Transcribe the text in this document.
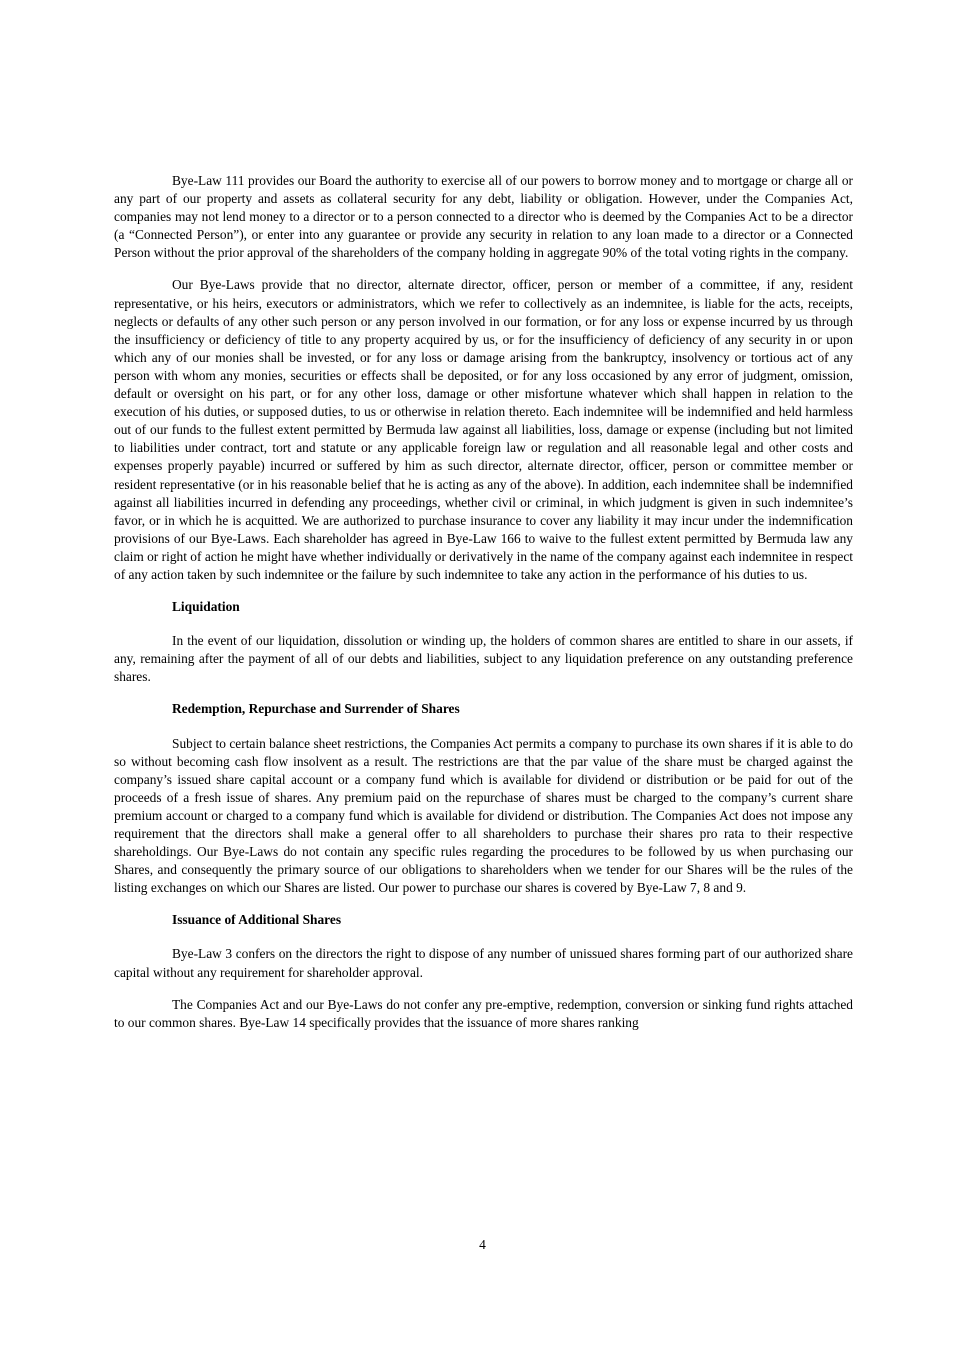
Bye-Law 111 provides our Board the authority to exercise all of our powers to borrow money and to mortgage or charge all or any part of our property and assets as collateral security for any debt, liability or obligation. However, under the Companies Act, companies may not lend money to a director or to a person connected to a director who is deemed by the Companies Act to be a director (a “Connected Person”), or enter into any guarantee or provide any security in relation to any loan made to a director or a Connected Person without the prior approval of the shareholders of the company holding in aggregate 90% of the total voting rights in the company.

Our Bye-Laws provide that no director, alternate director, officer, person or member of a committee, if any, resident representative, or his heirs, executors or administrators, which we refer to collectively as an indemnitee, is liable for the acts, receipts, neglects or defaults of any other such person or any person involved in our formation, or for any loss or expense incurred by us through the insufficiency or deficiency of title to any property acquired by us, or for the insufficiency of deficiency of any security in or upon which any of our monies shall be invested, or for any loss or damage arising from the bankruptcy, insolvency or tortious act of any person with whom any monies, securities or effects shall be deposited, or for any loss occasioned by any error of judgment, omission, default or oversight on his part, or for any other loss, damage or other misfortune whatever which shall happen in relation to the execution of his duties, or supposed duties, to us or otherwise in relation thereto. Each indemnitee will be indemnified and held harmless out of our funds to the fullest extent permitted by Bermuda law against all liabilities, loss, damage or expense (including but not limited to liabilities under contract, tort and statute or any applicable foreign law or regulation and all reasonable legal and other costs and expenses properly payable) incurred or suffered by him as such director, alternate director, officer, person or committee member or resident representative (or in his reasonable belief that he is acting as any of the above). In addition, each indemnitee shall be indemnified against all liabilities incurred in defending any proceedings, whether civil or criminal, in which judgment is given in such indemnitee’s favor, or in which he is acquitted. We are authorized to purchase insurance to cover any liability it may incur under the indemnification provisions of our Bye-Laws. Each shareholder has agreed in Bye-Law 166 to waive to the fullest extent permitted by Bermuda law any claim or right of action he might have whether individually or derivatively in the name of the company against each indemnitee in respect of any action taken by such indemnitee or the failure by such indemnitee to take any action in the performance of his duties to us.

Liquidation

In the event of our liquidation, dissolution or winding up, the holders of common shares are entitled to share in our assets, if any, remaining after the payment of all of our debts and liabilities, subject to any liquidation preference on any outstanding preference shares.

Redemption, Repurchase and Surrender of Shares

Subject to certain balance sheet restrictions, the Companies Act permits a company to purchase its own shares if it is able to do so without becoming cash flow insolvent as a result. The restrictions are that the par value of the share must be charged against the company’s issued share capital account or a company fund which is available for dividend or distribution or be paid for out of the proceeds of a fresh issue of shares. Any premium paid on the repurchase of shares must be charged to the company’s current share premium account or charged to a company fund which is available for dividend or distribution. The Companies Act does not impose any requirement that the directors shall make a general offer to all shareholders to purchase their shares pro rata to their respective shareholdings. Our Bye-Laws do not contain any specific rules regarding the procedures to be followed by us when purchasing our Shares, and consequently the primary source of our obligations to shareholders when we tender for our Shares will be the rules of the listing exchanges on which our Shares are listed. Our power to purchase our shares is covered by Bye-Law 7, 8 and 9.

Issuance of Additional Shares

Bye-Law 3 confers on the directors the right to dispose of any number of unissued shares forming part of our authorized share capital without any requirement for shareholder approval.

The Companies Act and our Bye-Laws do not confer any pre-emptive, redemption, conversion or sinking fund rights attached to our common shares. Bye-Law 14 specifically provides that the issuance of more shares ranking

4
